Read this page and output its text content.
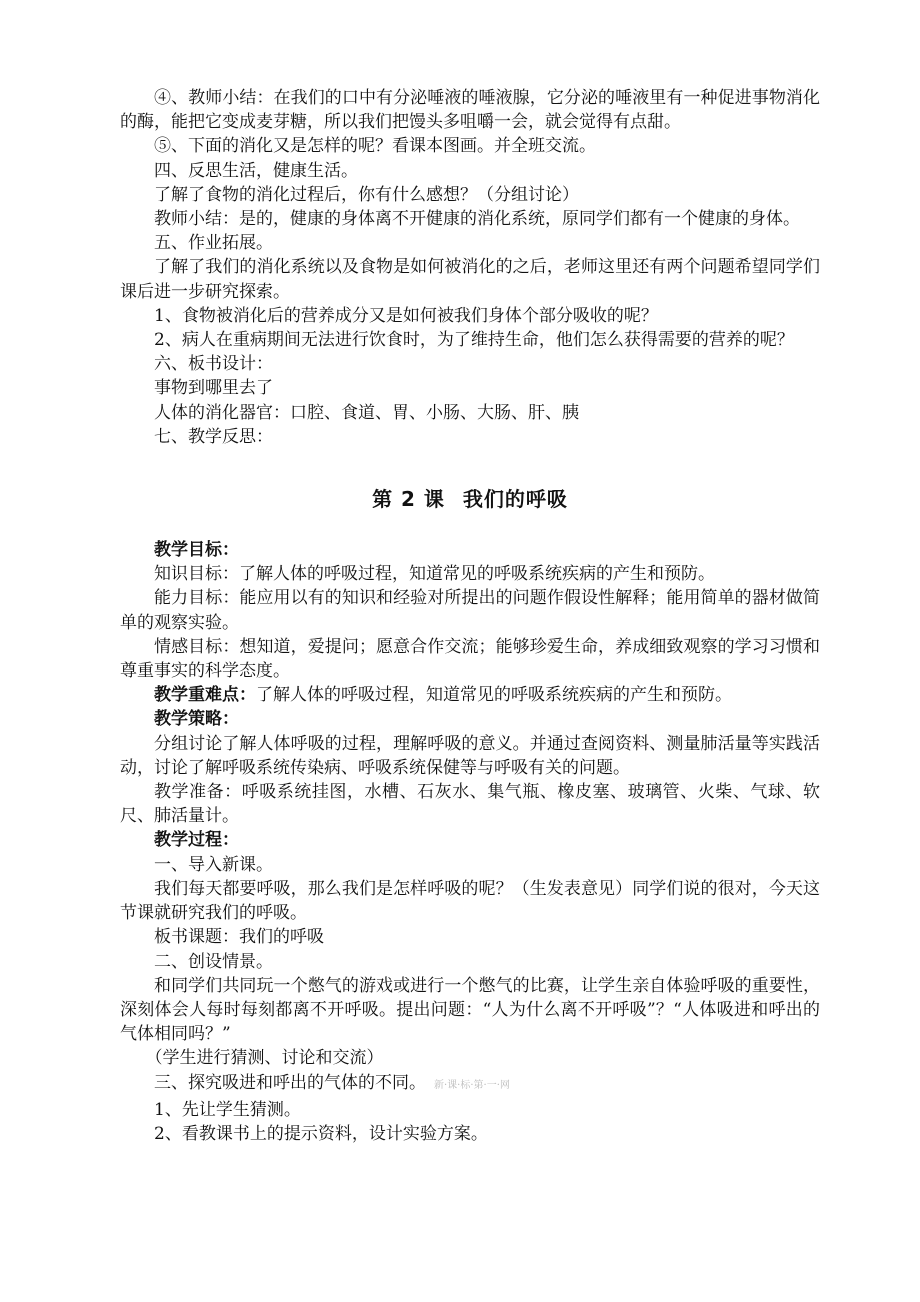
④、教师小结：在我们的口中有分泌唾液的唾液腺，它分泌的唾液里有一种促进事物消化的酶，能把它变成麦芽糖，所以我们把馒头多咀嚼一会，就会觉得有点甜。

⑤、下面的消化又是怎样的呢？看课本图画。并全班交流。

四、反思生活，健康生活。

了解了食物的消化过程后，你有什么感想？（分组讨论）

教师小结：是的，健康的身体离不开健康的消化系统，原同学们都有一个健康的身体。

五、作业拓展。

了解了我们的消化系统以及食物是如何被消化的之后，老师这里还有两个问题希望同学们课后进一步研究探索。

1、食物被消化后的营养成分又是如何被我们身体个部分吸收的呢？

2、病人在重病期间无法进行饮食时，为了维持生命，他们怎么获得需要的营养的呢？

六、板书设计：

事物到哪里去了

人体的消化器官：口腔、食道、胃、小肠、大肠、肝、胰

七、教学反思：

第 2 课 我们的呼吸

教学目标：

知识目标：了解人体的呼吸过程，知道常见的呼吸系统疾病的产生和预防。

能力目标：能应用以有的知识和经验对所提出的问题作假设性解释；能用简单的器材做简单的观察实验。

情感目标：想知道，爱提问；愿意合作交流；能够珍爱生命，养成细致观察的学习习惯和尊重事实的科学态度。

教学重难点：了解人体的呼吸过程，知道常见的呼吸系统疾病的产生和预防。

教学策略：

分组讨论了解人体呼吸的过程，理解呼吸的意义。并通过查阅资料、测量肺活量等实践活动，讨论了解呼吸系统传染病、呼吸系统保健等与呼吸有关的问题。

教学准备：呼吸系统挂图，水槽、石灰水、集气瓶、橡皮塞、玻璃管、火柴、气球、软尺、肺活量计。

教学过程：

一、导入新课。

我们每天都要呼吸，那么我们是怎样呼吸的呢？（生发表意见）同学们说的很对，今天这节课就研究我们的呼吸。

板书课题：我们的呼吸

二、创设情景。

和同学们共同玩一个憋气的游戏或进行一个憋气的比赛，让学生亲自体验呼吸的重要性，深刻体会人每时每刻都离不开呼吸。提出问题：“人为什么离不开呼吸”？“人体吸进和呼出的气体相同吗？”

（学生进行猜测、讨论和交流）

三、探究吸进和呼出的气体的不同。 新·课·标·第·一·网

1、先让学生猜测。

2、看教课书上的提示资料，设计实验方案。
